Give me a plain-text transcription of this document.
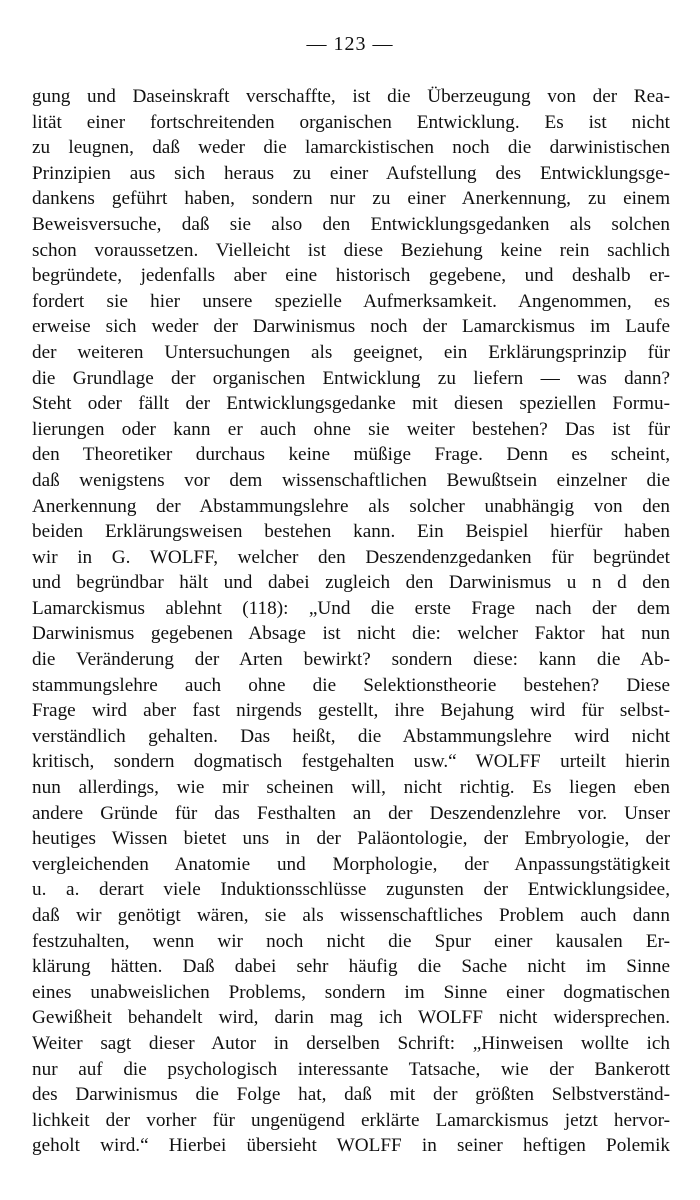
— 123 —
gung und Daseinskraft verschaffte, ist die Überzeugung von der Rea-
lität einer fortschreitenden organischen Entwicklung. Es ist nicht
zu leugnen, daß weder die lamarckistischen noch die darwinistischen
Prinzipien aus sich heraus zu einer Aufstellung des Entwicklungsge-
dankens geführt haben, sondern nur zu einer Anerkennung, zu einem
Beweisversuche, daß sie also den Entwicklungsgedanken als solchen
schon voraussetzen. Vielleicht ist diese Beziehung keine rein sachlich
begründete, jedenfalls aber eine historisch gegebene, und deshalb er-
fordert sie hier unsere spezielle Aufmerksamkeit. Angenommen, es
erweise sich weder der Darwinismus noch der Lamarckismus im Laufe
der weiteren Untersuchungen als geeignet, ein Erklärungsprinzip für
die Grundlage der organischen Entwicklung zu liefern — was dann?
Steht oder fällt der Entwicklungsgedanke mit diesen speziellen Formu-
lierungen oder kann er auch ohne sie weiter bestehen? Das ist für
den Theoretiker durchaus keine müßige Frage. Denn es scheint,
daß wenigstens vor dem wissenschaftlichen Bewußtsein einzelner die
Anerkennung der Abstammungslehre als solcher unabhängig von den
beiden Erklärungsweisen bestehen kann. Ein Beispiel hierfür haben
wir in G. WOLFF, welcher den Deszendenzgedanken für begründet
und begründbar hält und dabei zugleich den Darwinismus u n d den
Lamarckismus ablehnt (118): „Und die erste Frage nach der dem
Darwinismus gegebenen Absage ist nicht die: welcher Faktor hat nun
die Veränderung der Arten bewirkt? sondern diese: kann die Ab-
stammungslehre auch ohne die Selektionstheorie bestehen? Diese
Frage wird aber fast nirgends gestellt, ihre Bejahung wird für selbst-
verständlich gehalten. Das heißt, die Abstammungslehre wird nicht
kritisch, sondern dogmatisch festgehalten usw.“ WOLFF urteilt hierin
nun allerdings, wie mir scheinen will, nicht richtig. Es liegen eben
andere Gründe für das Festhalten an der Deszendenzlehre vor. Unser
heutiges Wissen bietet uns in der Paläontologie, der Embryologie, der
vergleichenden Anatomie und Morphologie, der Anpassungstätigkeit
u. a. derart viele Induktionsschlüsse zugunsten der Entwicklungsidee,
daß wir genötigt wären, sie als wissenschaftliches Problem auch dann
festzuhalten, wenn wir noch nicht die Spur einer kausalen Er-
klärung hätten. Daß dabei sehr häufig die Sache nicht im Sinne
eines unabweislichen Problems, sondern im Sinne einer dogmatischen
Gewißheit behandelt wird, darin mag ich WOLFF nicht widersprechen.
Weiter sagt dieser Autor in derselben Schrift: „Hinweisen wollte ich
nur auf die psychologisch interessante Tatsache, wie der Bankerott
des Darwinismus die Folge hat, daß mit der größten Selbstverständ-
lichkeit der vorher für ungenügend erklärte Lamarckismus jetzt hervor-
geholt wird.“ Hierbei übersieht WOLFF in seiner heftigen Polemik
